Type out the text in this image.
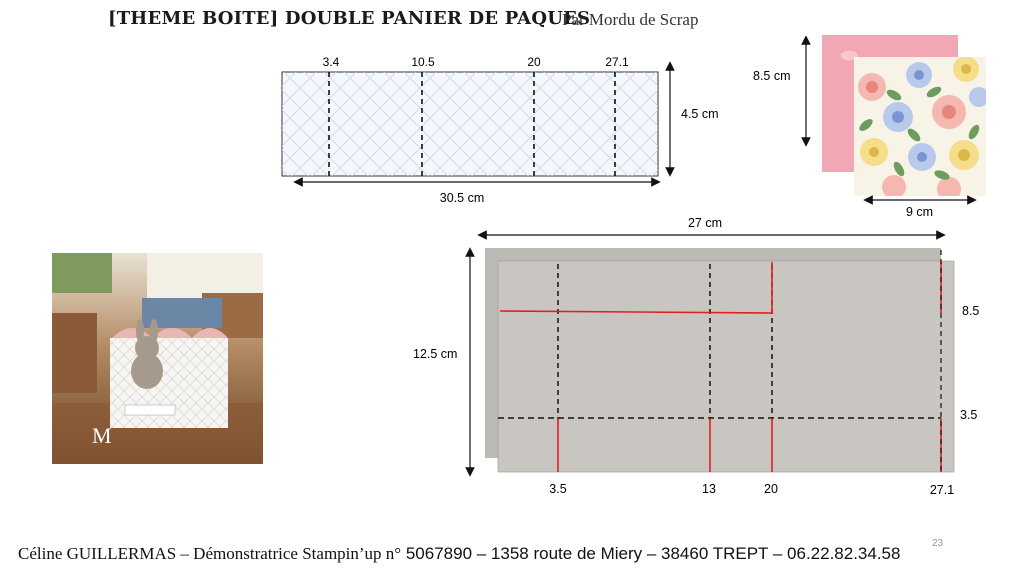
[THEME BOITE] DOUBLE PANIER DE PAQUES
Par Mordu de Scrap
3.4	10.5	20	27.1
30.5 cm
4.5 cm
8.5 cm
9 cm
M
27 cm
12.5 cm
3.5	13	20	27.1
8.5
3.5
Céline GUILLERMAS – Démonstratrice Stampin’up n° 5067890 – 1358 route de Miery – 38460 TREPT – 06.22.82.34.58
23
